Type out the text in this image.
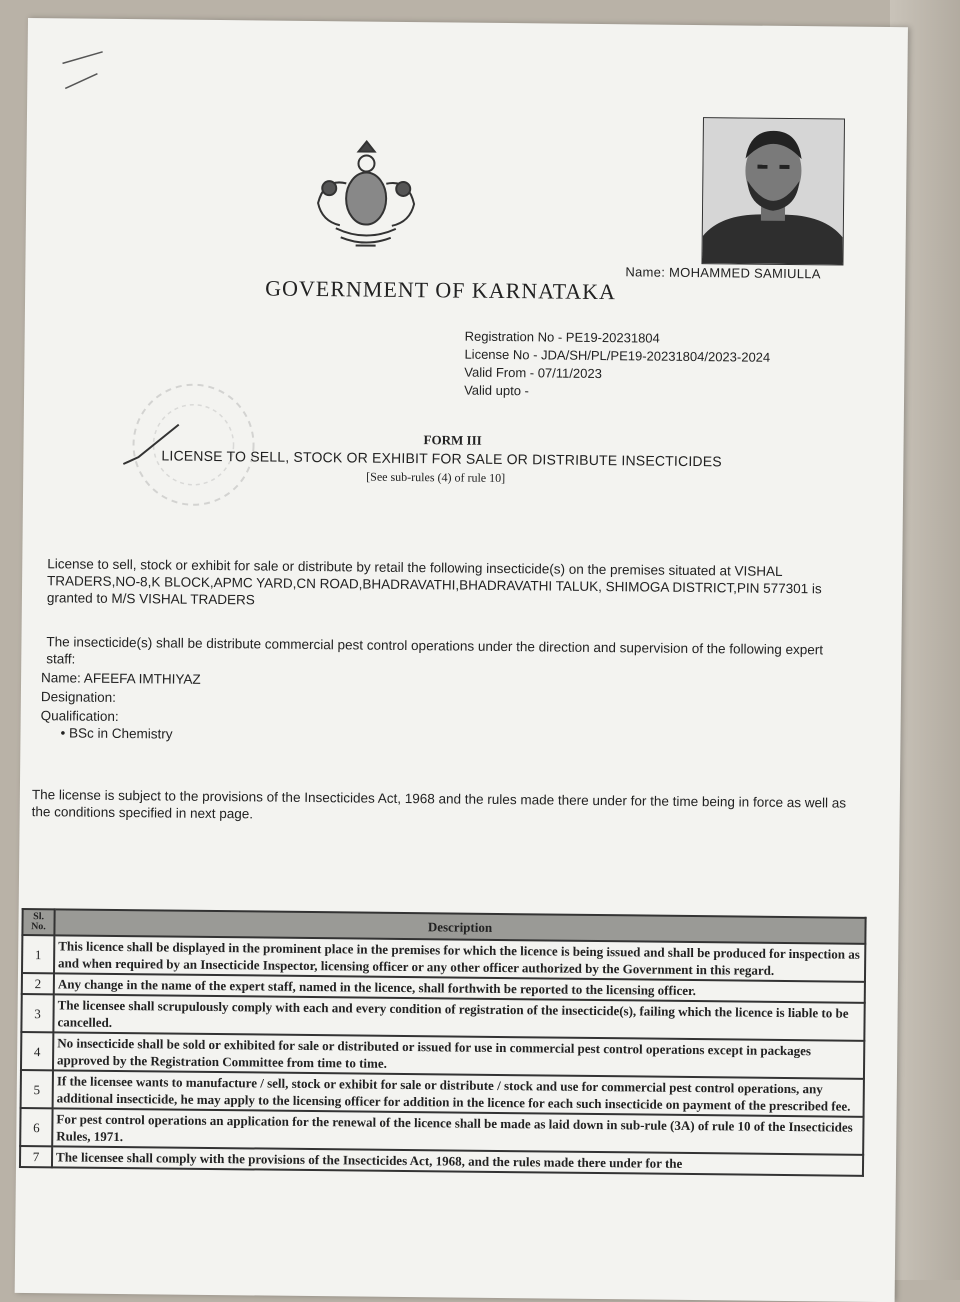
Name: MOHAMMED SAMIULLA
GOVERNMENT OF KARNATAKA
Registration No - PE19-20231804
License No - JDA/SH/PL/PE19-20231804/2023-2024
Valid From - 07/11/2023
Valid upto -
FORM III
LICENSE TO SELL, STOCK OR EXHIBIT FOR SALE OR DISTRIBUTE INSECTICIDES
[See sub-rules (4) of rule 10]
License to sell, stock or exhibit for sale or distribute by retail the following insecticide(s) on the premises situated at VISHAL TRADERS,NO-8,K BLOCK,APMC YARD,CN ROAD,BHADRAVATHI,BHADRAVATHI TALUK, SHIMOGA DISTRICT,PIN 577301 is granted to M/S VISHAL TRADERS
The insecticide(s) shall be distribute commercial pest control operations under the direction and supervision of the following expert staff:
Name: AFEEFA IMTHIYAZ
Designation:
Qualification:
• BSc in Chemistry
The license is subject to the provisions of the Insecticides Act, 1968 and the rules made there under for the time being in force as well as the conditions specified in next page.
Sl. No.	Description
1	This licence shall be displayed in the prominent place in the premises for which the licence is being issued and shall be produced for inspection as and when required by an Insecticide Inspector, licensing officer or any other officer authorized by the Government in this regard.
2	Any change in the name of the expert staff, named in the licence, shall forthwith be reported to the licensing officer.
3	The licensee shall scrupulously comply with each and every condition of registration of the insecticide(s), failing which the licence is liable to be cancelled.
4	No insecticide shall be sold or exhibited for sale or distributed or issued for use in commercial pest control operations except in packages approved by the Registration Committee from time to time.
5	If the licensee wants to manufacture / sell, stock or exhibit for sale or distribute / stock and use for commercial pest control operations, any additional insecticide, he may apply to the licensing officer for addition in the licence for each such insecticide on payment of the prescribed fee.
6	For pest control operations an application for the renewal of the licence shall be made as laid down in sub-rule (3A) of rule 10 of the Insecticides Rules, 1971.
7	The licensee shall comply with the provisions of the Insecticides Act, 1968, and the rules made there under for the
